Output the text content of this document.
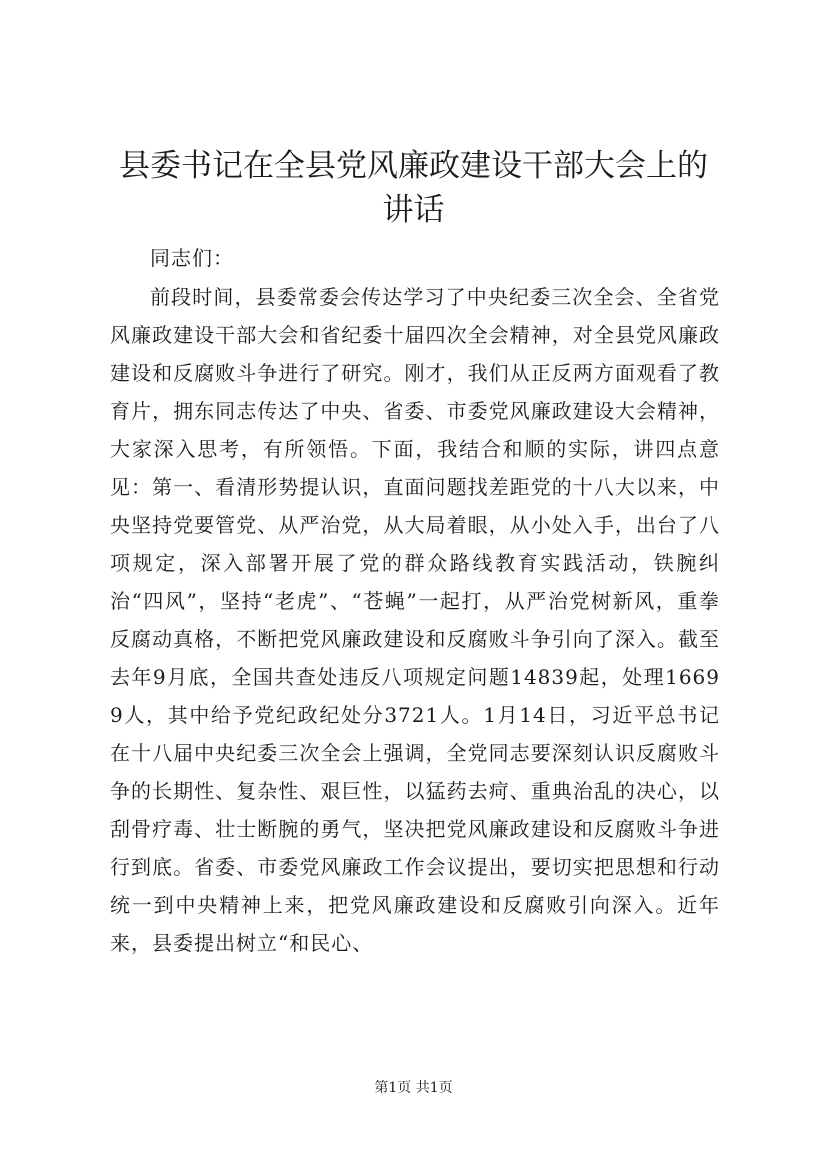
县委书记在全县党风廉政建设干部大会上的讲话

同志们：

前段时间，县委常委会传达学习了中央纪委三次全会、全省党风廉政建设干部大会和省纪委十届四次全会精神，对全县党风廉政建设和反腐败斗争进行了研究。刚才，我们从正反两方面观看了教育片，拥东同志传达了中央、省委、市委党风廉政建设大会精神，大家深入思考，有所领悟。下面，我结合和顺的实际，讲四点意见：第一、看清形势提认识，直面问题找差距党的十八大以来，中央坚持党要管党、从严治党，从大局着眼，从小处入手，出台了八项规定，深入部署开展了党的群众路线教育实践活动，铁腕纠治“四风”，坚持“老虎”、“苍蝇”一起打，从严治党树新风，重拳反腐动真格，不断把党风廉政建设和反腐败斗争引向了深入。截至去年9月底，全国共查处违反八项规定问题14839起，处理16699人，其中给予党纪政纪处分3721人。1月14日，习近平总书记在十八届中央纪委三次全会上强调，全党同志要深刻认识反腐败斗争的长期性、复杂性、艰巨性，以猛药去疴、重典治乱的决心，以刮骨疗毒、壮士断腕的勇气，坚决把党风廉政建设和反腐败斗争进行到底。省委、市委党风廉政工作会议提出，要切实把思想和行动统一到中央精神上来，把党风廉政建设和反腐败引向深入。近年来，县委提出树立“和民心、

第1页 共1页
